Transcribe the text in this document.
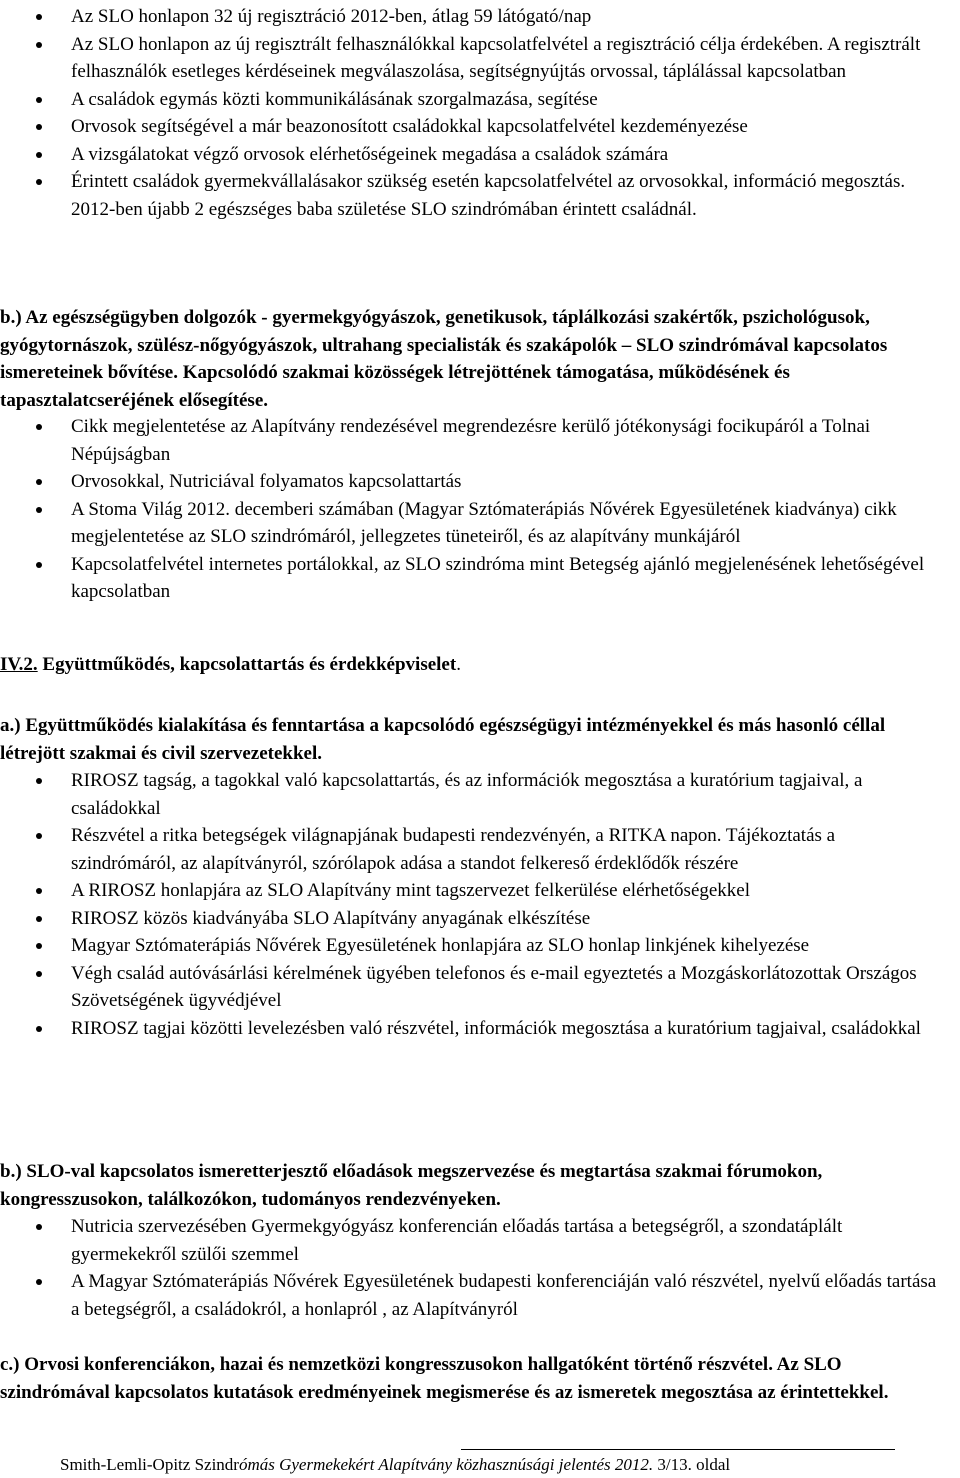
Az SLO honlapon 32 új regisztráció 2012-ben, átlag 59 látógató/nap
Az SLO honlapon az új regisztrált felhasználókkal kapcsolatfelvétel a regisztráció célja érdekében. A regisztrált felhasználók esetleges kérdéseinek megválaszolása, segítségnyújtás orvossal, táplálással kapcsolatban
A családok egymás közti kommunikálásának szorgalmazása, segítése
Orvosok segítségével a már beazonosított családokkal kapcsolatfelvétel kezdeményezése
A vizsgálatokat végző orvosok elérhetőségeinek megadása a családok számára
Érintett családok gyermekvállalásakor szükség esetén kapcsolatfelvétel az orvosokkal, információ megosztás. 2012-ben újabb 2 egészséges baba születése SLO szindrómában érintett családnál.
b.) Az egészségügyben dolgozók - gyermekgyógyászok, genetikusok, táplálkozási szakértők, pszichológusok, gyógytornászok, szülész-nőgyógyászok, ultrahang specialisták és szakápolók – SLO szindrómával kapcsolatos ismereteinek bővítése. Kapcsolódó szakmai közösségek létrejöttének támogatása, működésének és tapasztalatcseréjének elősegítése.
Cikk megjelentetése az Alapítvány rendezésével megrendezésre kerülő jótékonysági focikupáról a Tolnai Népújságban
Orvosokkal, Nutriciával folyamatos kapcsolattartás
A Stoma Világ 2012. decemberi számában (Magyar Sztómaterápiás Nővérek Egyesületének kiadványa) cikk megjelentetése az SLO szindrómáról, jellegzetes tüneteiről, és az alapítvány munkájáról
Kapcsolatfelvétel internetes portálokkal, az SLO szindróma mint Betegség ajánló megjelenésének lehetőségével kapcsolatban
IV.2. Együttműködés, kapcsolattartás és érdekképviselet.
a.) Együttműködés kialakítása és fenntartása a kapcsolódó egészségügyi intézményekkel és más hasonló céllal létrejött szakmai és civil szervezetekkel.
RIROSZ tagság, a tagokkal való kapcsolattartás, és az információk megosztása a kuratórium tagjaival, a családokkal
Részvétel a ritka betegségek világnapjának budapesti rendezvényén, a RITKA napon. Tájékoztatás a szindrómáról, az alapítványról, szórólapok adása a standot felkereső érdeklődők részére
A RIROSZ honlapjára az SLO Alapítvány mint tagszervezet felkerülése elérhetőségekkel
RIROSZ közös kiadványába SLO Alapítvány anyagának elkészítése
Magyar Sztómaterápiás Nővérek Egyesületének honlapjára az SLO honlap linkjének kihelyezése
Végh család autóvásárlási kérelmének ügyében telefonos és e-mail egyeztetés a Mozgáskorlátozottak Országos Szövetségének ügyvédjével
RIROSZ tagjai közötti levelezésben való részvétel, információk megosztása a kuratórium tagjaival, családokkal
b.) SLO-val kapcsolatos ismeretterjesztő előadások megszervezése és megtartása szakmai fórumokon, kongresszusokon, találkozókon, tudományos rendezvényeken.
Nutricia szervezésében Gyermekgyógyász konferencián előadás tartása a betegségről, a szondatáplált gyermekekről szülői szemmel
A Magyar Sztómaterápiás Nővérek Egyesületének budapesti konferenciáján való részvétel, nyelvű előadás tartása a betegségről, a családokról, a honlapról , az Alapítványról
c.) Orvosi konferenciákon, hazai és nemzetközi kongresszusokon hallgatóként történő részvétel. Az SLO szindrómával kapcsolatos kutatások eredményeinek megismerése és az ismeretek megosztása az érintettekkel.
Smith-Lemli-Opitz Szindrómás Gyermekekért Alapítvány közhasznúsági jelentés 2012. 3/13. oldal
